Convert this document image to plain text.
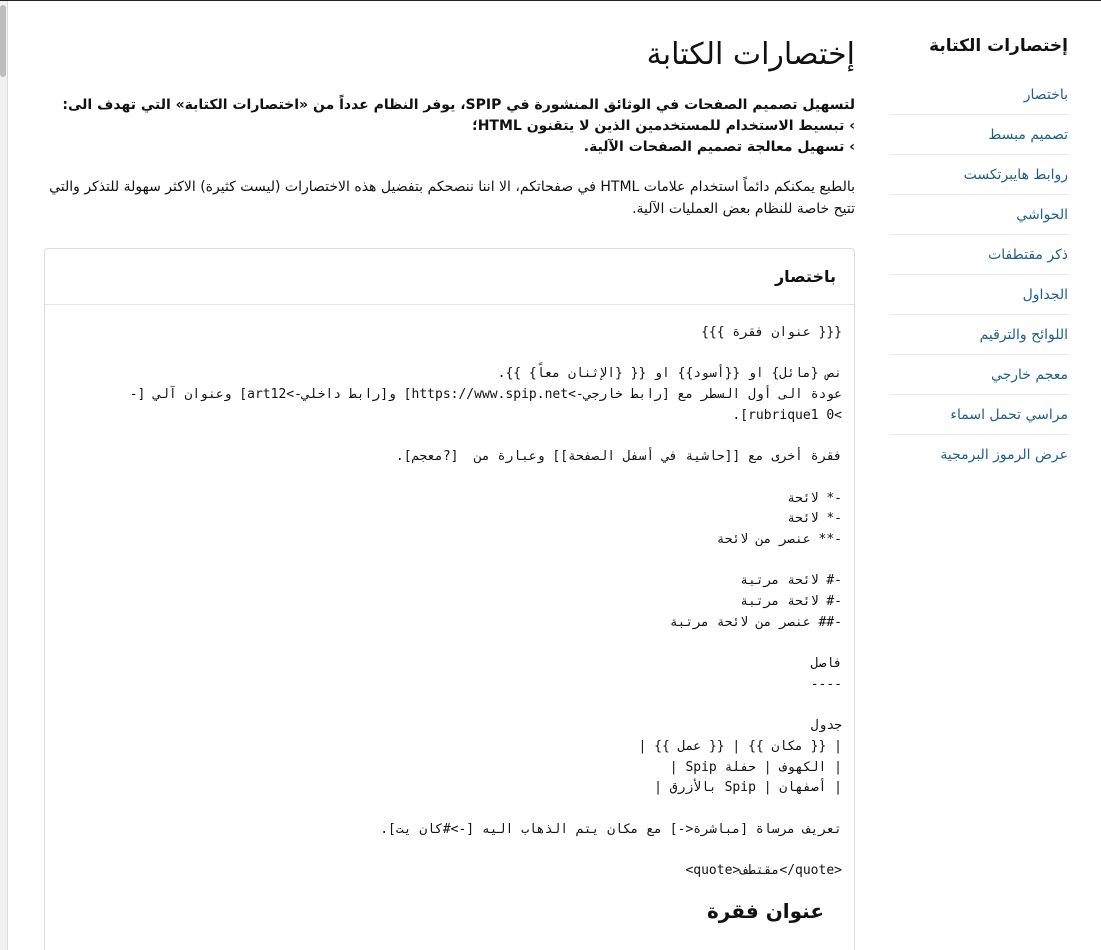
إختصارات الكتابة
باختصار
تصميم مبسط
روابط هايبرتكست
الحواشي
ذكر مقتطفات
الجداول
اللوائح والترقيم
معجم خارجي
مراسي تحمل اسماء
عرض الرموز البرمجية
إختصارات الكتابة

لتسهيل تصميم الصفحات في الوثائق المنشورة في SPIP، يوفر النظام عدداً من «اختصارات الكتابة» التي تهدف الى:
› تبسيط الاستخدام للمستخدمين الذين لا يتقنون HTML؛
› تسهيل معالجة تصميم الصفحات الآلية.

بالطبع يمكنكم دائماً استخدام علامات HTML في صفحاتكم، الا اننا ننصحكم بتفضيل هذه الاختصارات (ليست كثيرة) الاكثر سهولة للتذكر والتي تتيح خاصة للنظام بعض العمليات الآلية.

باختصار
{{{ عنوان فقرة }}}
نص {مائل} او {{أسود}} او {{ {الإثنان معاً} }}.
عودة الى أول السطر مع [رابط خارجي->https://www.spip.net] و[رابط داخلي->art12] وعنوان آلي [->rubrique1 0].
فقرة أخرى مع [[حاشية في أسفل الصفحة]] وعبارة من  [?معجم].
-* لائحة
-* لائحة
-** عنصر من لائحة
-# لائحة مرتبة
-# لائحة مرتبة
-## عنصر من لائحة مرتبة
فاصل
----
جدول
| {{ مكان }} | {{ عمل }} |
| الكهوف | حفلة Spip |
| أصفهان | Spip بالأزرق |
تعريف مرساة [مباشرة<-] مع مكان يتم الذهاب اليه [->#كان يت].
<quote>مقتطف</quote>
عنوان فقرة
